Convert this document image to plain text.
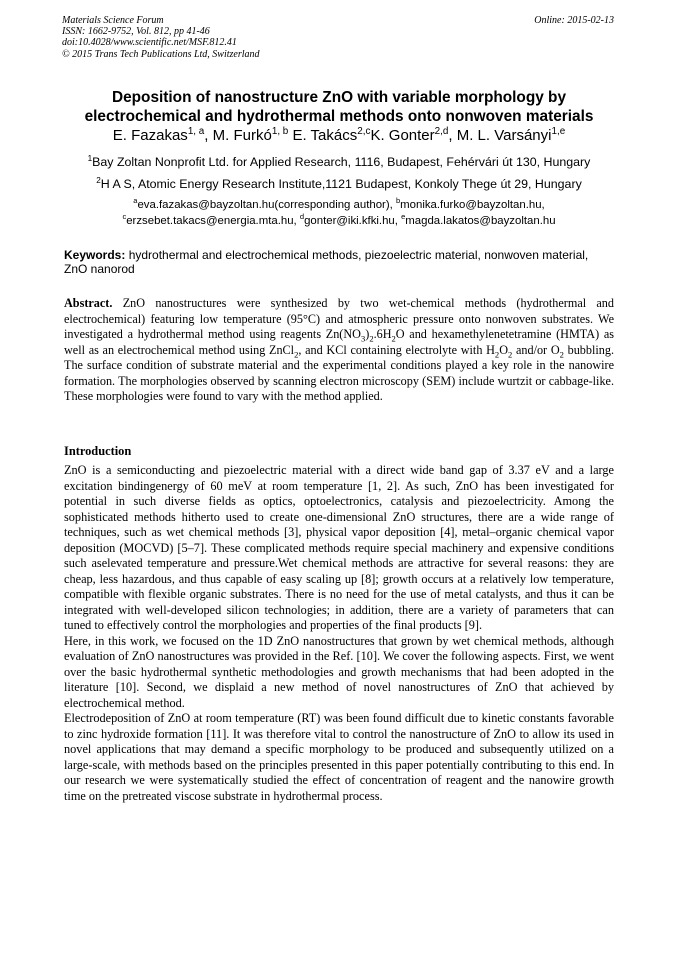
Materials Science Forum
ISSN: 1662-9752, Vol. 812, pp 41-46
doi:10.4028/www.scientific.net/MSF.812.41
© 2015 Trans Tech Publications Ltd, Switzerland
Online: 2015-02-13
Deposition of nanostructure ZnO with variable morphology by
electrochemical and hydrothermal methods onto nonwoven materials
E. Fazakas$^{1, a}$, M. Furkó$^{1, b}$ E. Takács$^{2,c}$K. Gonter$^{2,d}$, M. L. Varsányi$^{1,e}$
$^1$Bay Zoltan Nonprofit Ltd. for Applied Research, 1116, Budapest, Fehérvári út 130, Hungary
$^2$H A S, Atomic Energy Research Institute,1121 Budapest, Konkoly Thege út 29, Hungary
$^a$eva.fazakas@bayzoltan.hu(corresponding author), $^b$monika.furko@bayzoltan.hu,
$^c$erzsebet.takacs@energia.mta.hu, $^d$gonter@iki.kfki.hu, $^e$magda.lakatos@bayzoltan.hu
Keywords: hydrothermal and electrochemical methods, piezoelectric material, nonwoven material, ZnO nanorod

Abstract. ZnO nanostructures were synthesized by two wet-chemical methods (hydrothermal and electrochemical) featuring low temperature (95°C) and atmospheric pressure onto nonwoven substrates. We investigated a hydrothermal method using reagents $Zn(NO_3)_2.6H_2O$ and hexamethylenetetramine (HMTA) as well as an electrochemical method using ZnCl$_2$, and KCl containing electrolyte with $H_2O_2$ and/or $O_2$ bubbling. The surface condition of substrate material and the experimental conditions played a key role in the nanowire formation. The morphologies observed by scanning electron microscopy (SEM) include wurtzit or cabbage-like. These morphologies were found to vary with the method applied.

Introduction

ZnO is a semiconducting and piezoelectric material with a direct wide band gap of 3.37 eV and a large excitation bindingenergy of 60 meV at room temperature [1, 2]. As such, ZnO has been investigated for potential in such diverse fields as optics, optoelectronics, catalysis and piezoelectricity. Among the sophisticated methods hitherto used to create one-dimensional ZnO structures, there are a wide range of techniques, such as wet chemical methods [3], physical vapor deposition [4], metal–organic chemical vapor deposition (MOCVD) [5–7]. These complicated methods require special machinery and expensive conditions such aselevated temperature and pressure.Wet chemical methods are attractive for several reasons: they are cheap, less hazardous, and thus capable of easy scaling up [8]; growth occurs at a relatively low temperature, compatible with flexible organic substrates. There is no need for the use of metal catalysts, and thus it can be integrated with well-developed silicon technologies; in addition, there are a variety of parameters that can tuned to effectively control the morphologies and properties of the final products [9].

Here, in this work, we focused on the 1D ZnO nanostructures that grown by wet chemical methods, although evaluation of ZnO nanostructures was provided in the Ref. [10]. We cover the following aspects. First, we went over the basic hydrothermal synthetic methodologies and growth mechanisms that had been adopted in the literature [10]. Second, we displaid a new method of novel nanostructures of ZnO that achieved by electrochemical method.

Electrodeposition of ZnO at room temperature (RT) was been found difficult due to kinetic constants favorable to zinc hydroxide formation [11]. It was therefore vital to control the nanostructure of ZnO to allow its used in novel applications that may demand a specific morphology to be produced and subsequently utilized on a large-scale, with methods based on the principles presented in this paper potentially contributing to this end. In our research we were systematically studied the effect of concentration of reagent and the nanowire growth time on the pretreated viscose substrate in hydrothermal process.
